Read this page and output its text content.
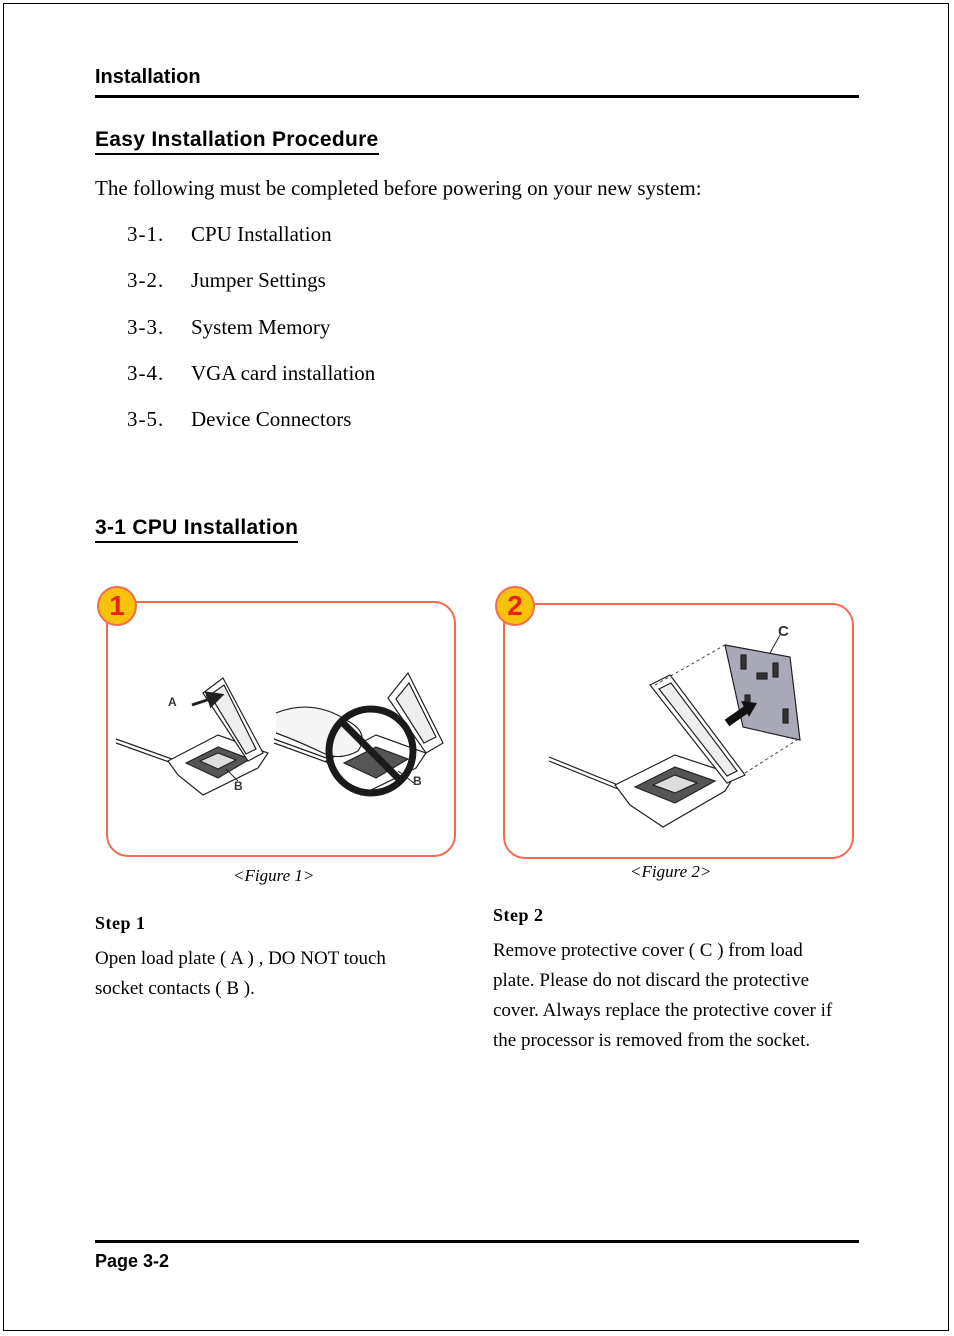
Installation
Easy Installation Procedure
The following must be completed before powering on your new system:
3-1.	CPU Installation
3-2.	Jumper Settings
3-3.	System Memory
3-4.	VGA card installation
3-5.	Device Connectors
3-1 CPU Installation
A
B	B
1
<Figure 1>
C
2
<Figure 2>
Step 1
Open load plate ( A ) , DO NOT touch
socket contacts ( B ).
Step 2
Remove protective cover ( C ) from load
plate. Please do not discard the protective
cover. Always replace the protective cover if
the processor is removed from the socket.
Page 3-2
